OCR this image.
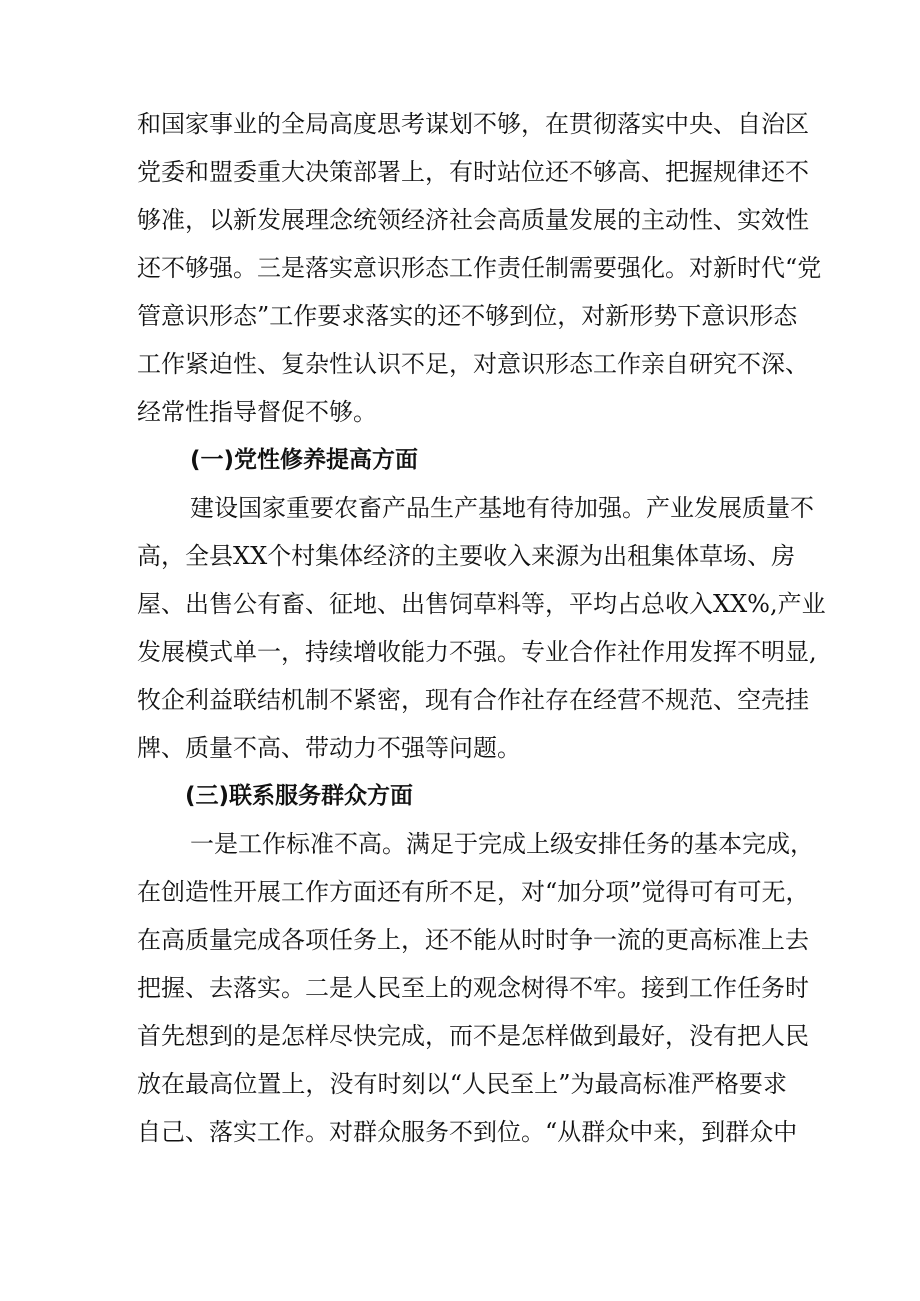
和国家事业的全局高度思考谋划不够，在贯彻落实中央、自治区
党委和盟委重大决策部署上，有时站位还不够高、把握规律还不
够准，以新发展理念统领经济社会高质量发展的主动性、实效性
还不够强。三是落实意识形态工作责任制需要强化。对新时代“党
管意识形态”工作要求落实的还不够到位，对新形势下意识形态
工作紧迫性、复杂性认识不足，对意识形态工作亲自研究不深、
经常性指导督促不够。
(一)党性修养提高方面
建设国家重要农畜产品生产基地有待加强。产业发展质量不
高，全县XX个村集体经济的主要收入来源为出租集体草场、房
屋、出售公有畜、征地、出售饲草料等，平均占总收入XX%,产业
发展模式单一，持续增收能力不强。专业合作社作用发挥不明显,
牧企利益联结机制不紧密，现有合作社存在经营不规范、空壳挂
牌、质量不高、带动力不强等问题。
(三)联系服务群众方面
一是工作标准不高。满足于完成上级安排任务的基本完成，
在创造性开展工作方面还有所不足，对“加分项”觉得可有可无，
在高质量完成各项任务上，还不能从时时争一流的更高标准上去
把握、去落实。二是人民至上的观念树得不牢。接到工作任务时
首先想到的是怎样尽快完成，而不是怎样做到最好，没有把人民
放在最高位置上，没有时刻以“人民至上”为最高标准严格要求
自己、落实工作。对群众服务不到位。“从群众中来，到群众中
